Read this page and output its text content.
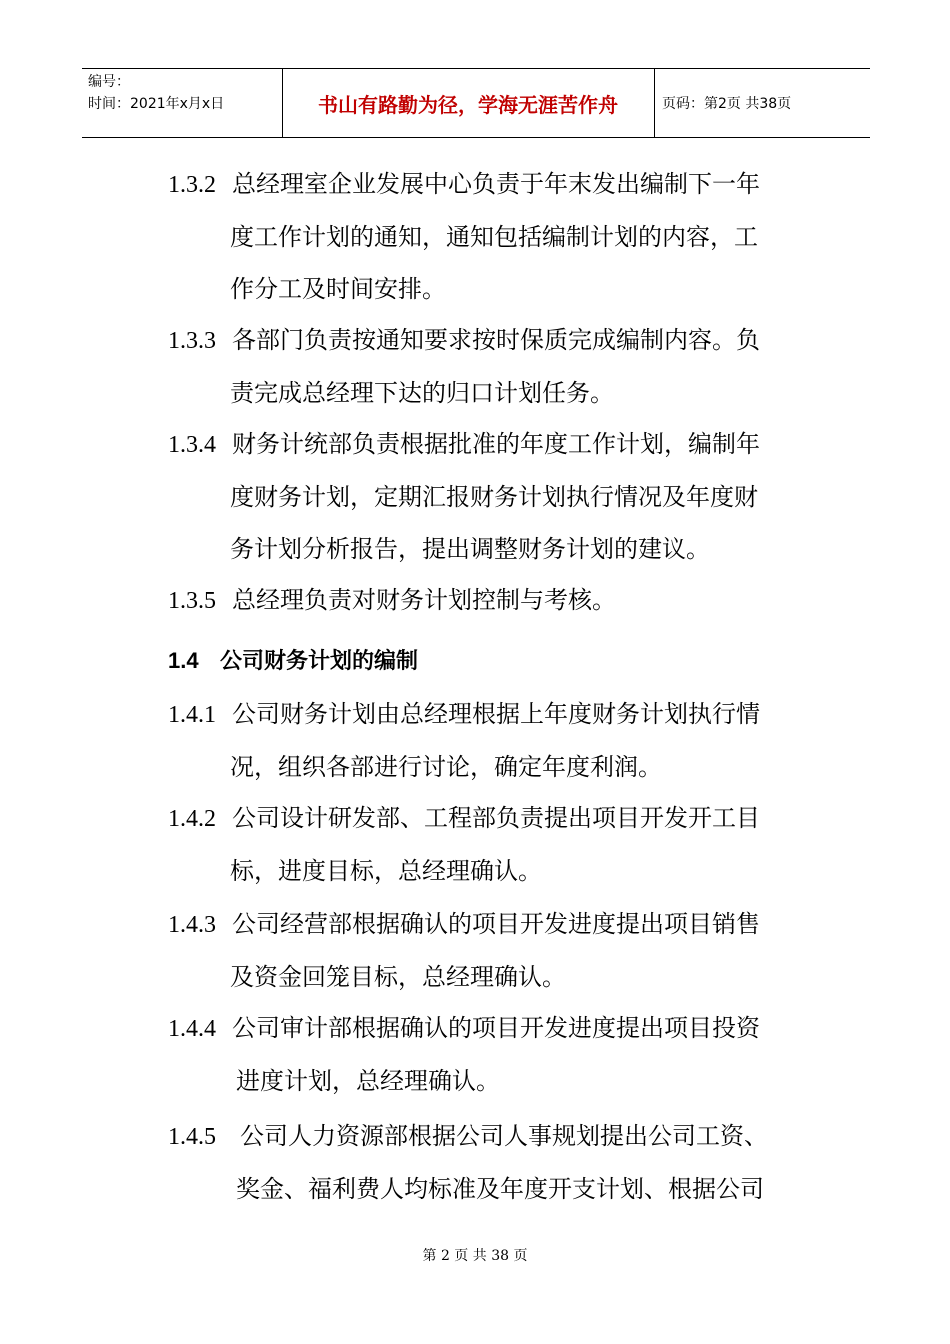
编号：
时间：2021年x月x日	书山有路勤为径，学海无涯苦作舟	页码：第2页 共38页
1.3.2 总经理室企业发展中心负责于年末发出编制下一年
度工作计划的通知，通知包括编制计划的内容，工
作分工及时间安排。
1.3.3 各部门负责按通知要求按时保质完成编制内容。负
责完成总经理下达的归口计划任务。
1.3.4 财务计统部负责根据批准的年度工作计划，编制年
度财务计划，定期汇报财务计划执行情况及年度财
务计划分析报告，提出调整财务计划的建议。
1.3.5 总经理负责对财务计划控制与考核。
1.4 公司财务计划的编制
1.4.1 公司财务计划由总经理根据上年度财务计划执行情
况，组织各部进行讨论，确定年度利润。
1.4.2 公司设计研发部、工程部负责提出项目开发开工目
标，进度目标，总经理确认。
1.4.3 公司经营部根据确认的项目开发进度提出项目销售
及资金回笼目标，总经理确认。
1.4.4 公司审计部根据确认的项目开发进度提出项目投资
进度计划，总经理确认。
1.4.5 公司人力资源部根据公司人事规划提出公司工资、
奖金、福利费人均标准及年度开支计划、根据公司
第 2 页 共 38 页
